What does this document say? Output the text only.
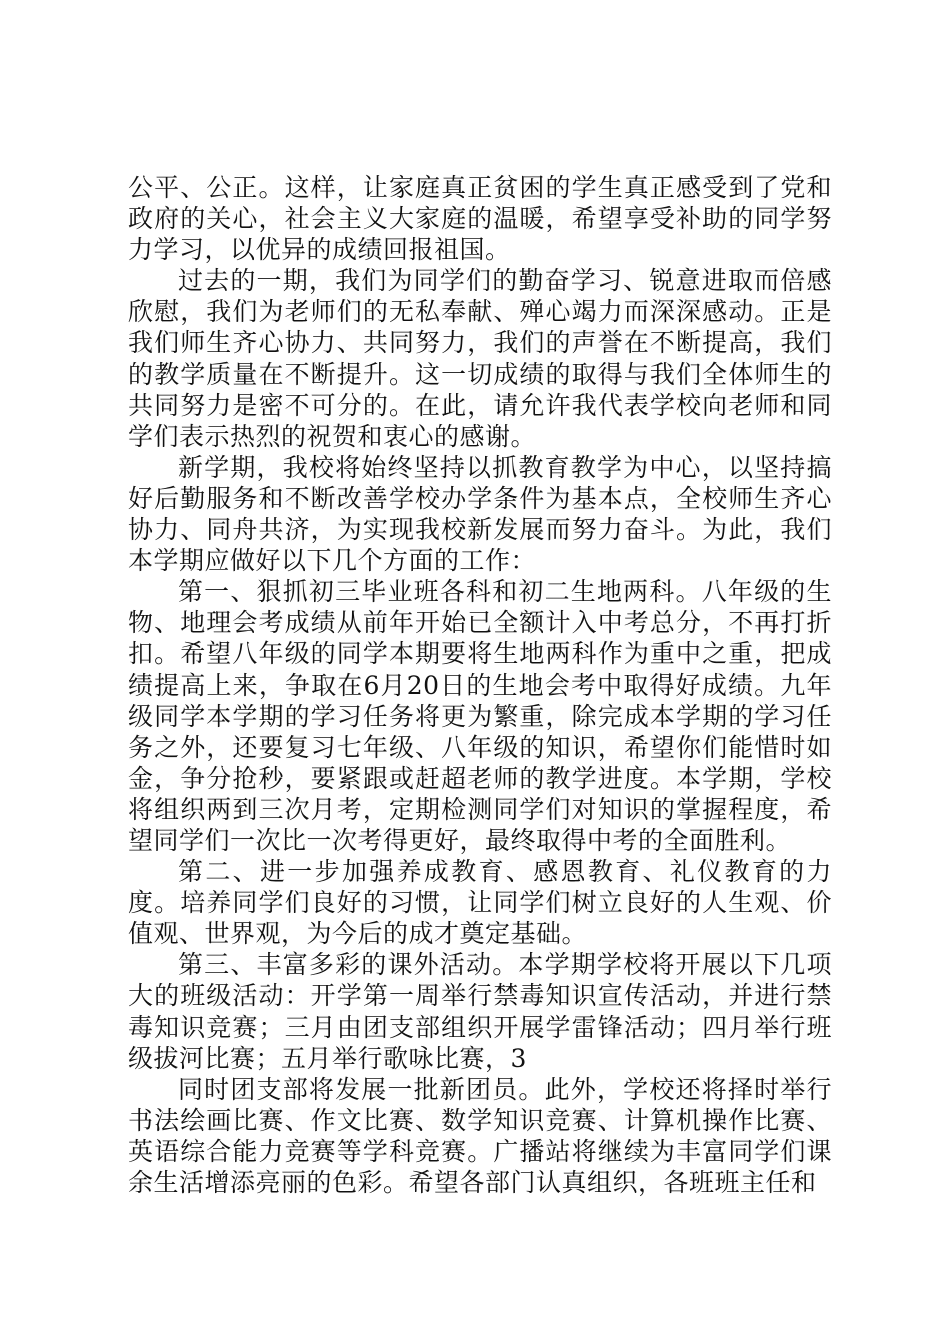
公平、公正。这样，让家庭真正贫困的学生真正感受到了党和政府的关心，社会主义大家庭的温暖，希望享受补助的同学努力学习，以优异的成绩回报祖国。

过去的一期，我们为同学们的勤奋学习、锐意进取而倍感欣慰，我们为老师们的无私奉献、殚心竭力而深深感动。正是我们师生齐心协力、共同努力，我们的声誉在不断提高，我们的教学质量在不断提升。这一切成绩的取得与我们全体师生的共同努力是密不可分的。在此，请允许我代表学校向老师和同学们表示热烈的祝贺和衷心的感谢。

新学期，我校将始终坚持以抓教育教学为中心，以坚持搞好后勤服务和不断改善学校办学条件为基本点，全校师生齐心协力、同舟共济，为实现我校新发展而努力奋斗。为此，我们本学期应做好以下几个方面的工作：

第一、狠抓初三毕业班各科和初二生地两科。八年级的生物、地理会考成绩从前年开始已全额计入中考总分，不再打折扣。希望八年级的同学本期要将生地两科作为重中之重，把成绩提高上来，争取在6月20日的生地会考中取得好成绩。九年级同学本学期的学习任务将更为繁重，除完成本学期的学习任务之外，还要复习七年级、八年级的知识，希望你们能惜时如金，争分抢秒，要紧跟或赶超老师的教学进度。本学期，学校将组织两到三次月考，定期检测同学们对知识的掌握程度，希望同学们一次比一次考得更好，最终取得中考的全面胜利。

第二、进一步加强养成教育、感恩教育、礼仪教育的力度。培养同学们良好的习惯，让同学们树立良好的人生观、价值观、世界观，为今后的成才奠定基础。

第三、丰富多彩的课外活动。本学期学校将开展以下几项大的班级活动：开学第一周举行禁毒知识宣传活动，并进行禁毒知识竞赛；三月由团支部组织开展学雷锋活动；四月举行班级拔河比赛；五月举行歌咏比赛，3

同时团支部将发展一批新团员。此外，学校还将择时举行书法绘画比赛、作文比赛、数学知识竞赛、计算机操作比赛、英语综合能力竞赛等学科竞赛。广播站将继续为丰富同学们课余生活增添亮丽的色彩。希望各部门认真组织，各班班主任和
